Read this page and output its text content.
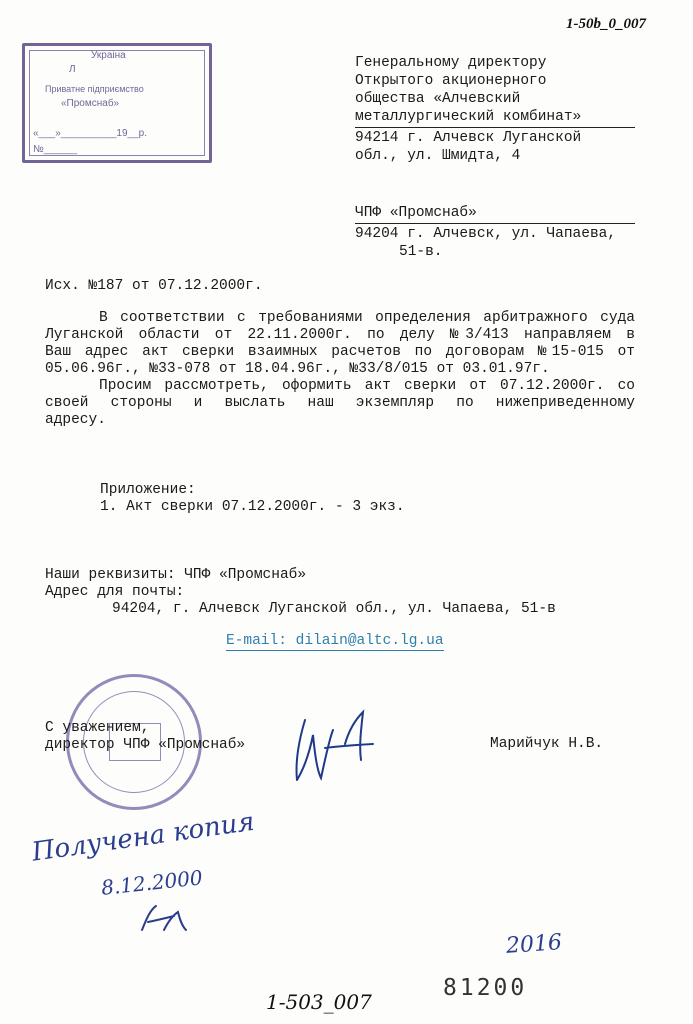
1-50b_0_007
Украiна
Л
Приватне пiдприємство
«Промснаб»
«___»__________19__р.
№______
Генеральному директору
Открытого акционерного
общества «Алчевский
металлургический комбинат»
94214 г. Алчевск Луганской
обл., ул. Шмидта, 4
ЧПФ «Промснаб»
94204 г. Алчевск, ул. Чапаева,
51-в.
Исх. №187 от 07.12.2000г.
В соответствии с требованиями определения арбитражного суда
Луганской области от 22.11.2000г. по делу №3/413 направляем в
Ваш адрес акт сверки взаимных расчетов по договорам №15-015 от
05.06.96г., №33-078 от 18.04.96г., №33/8/015 от 03.01.97г.
Просим рассмотреть, оформить акт сверки от 07.12.2000г. со
своей стороны и выслать наш экземпляр по нижеприведенному
адресу.
Приложение:
1. Акт сверки 07.12.2000г. - 3 экз.
Наши реквизиты: ЧПФ «Промснаб»
Адрес для почты:
94204, г. Алчевск Луганской обл., ул. Чапаева, 51-в
E-mail: dilain@altc.lg.ua
С уважением,
директор ЧПФ «Промснаб»	Марийчук Н.В.
Получена копия
8.12.2000
2016
81200
1-503_007
